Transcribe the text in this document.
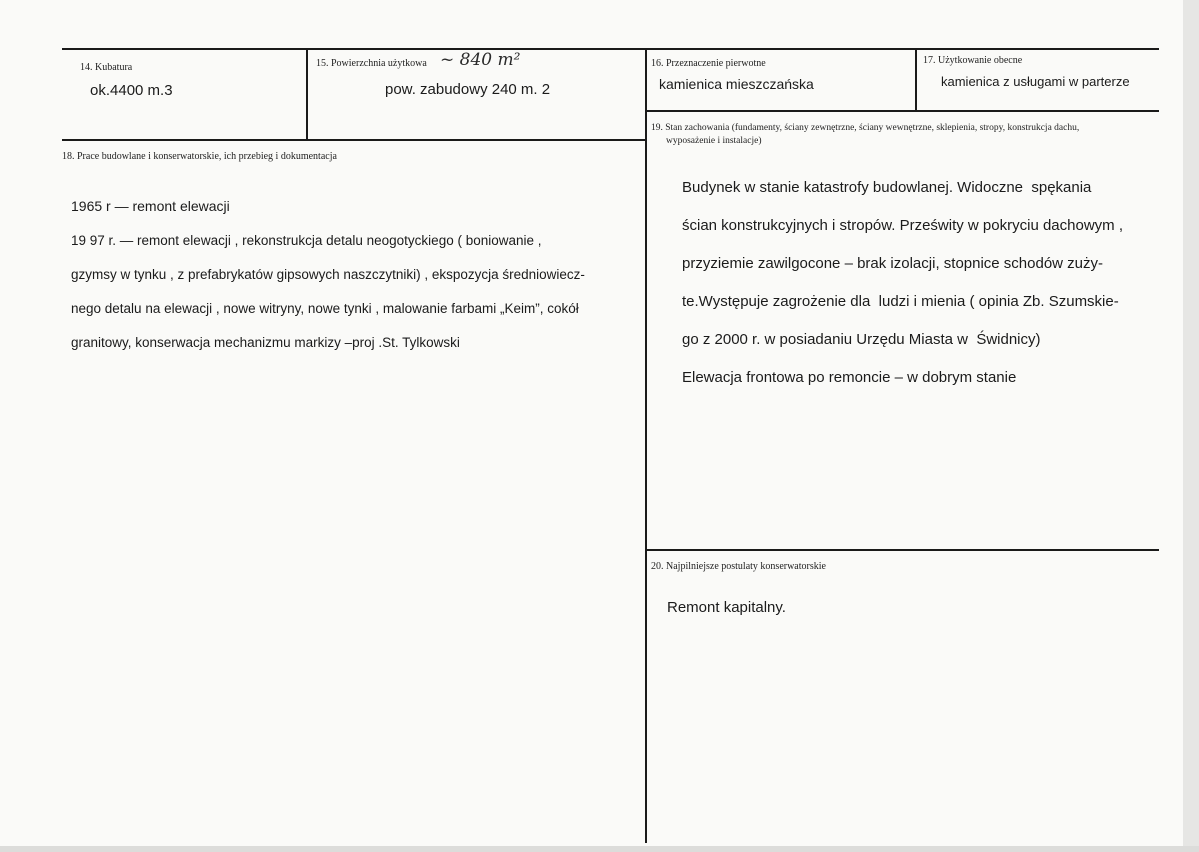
14. Kubatura
ok.4400 m.3
15. Powierzchnia użytkowa ~ 840 m²
pow. zabudowy 240 m. 2
16. Przeznaczenie pierwotne
kamienica mieszczańska
17. Użytkowanie obecne
kamienica z usługami w parterze
18. Prace budowlane i konserwatorskie, ich przebieg i dokumentacja

1965 r — remont elewacji

19 97 r. — remont elewacji , rekonstrukcja detalu neogotyckiego ( boniowanie ,

gzymsy w tynku , z prefabrykatów gipsowych naszczytniki) , ekspozycja średniowiecz-

nego detalu na elewacji , nowe witryny, nowe tynki , malowanie farbami „Keim”, cokół

granitowy, konserwacja mechanizmu markizy –proj .St. Tylkowski

19. Stan zachowania (fundamenty, ściany zewnętrzne, ściany wewnętrzne, sklepienia, stropy, konstrukcja dachu,
wyposażenie i instalacje)

Budynek w stanie katastrofy budowlanej. Widoczne  spękania

ścian konstrukcyjnych i stropów. Prześwity w pokryciu dachowym ,

przyziemie zawilgocone – brak izolacji, stopnice schodów zuży-

te.Występuje zagrożenie dla  ludzi i mienia ( opinia Zb. Szumskie-

go z 2000 r. w posiadaniu Urzędu Miasta w  Świdnicy)

Elewacja frontowa po remoncie – w dobrym stanie

20. Najpilniejsze postulaty konserwatorskie
Remont kapitalny.
